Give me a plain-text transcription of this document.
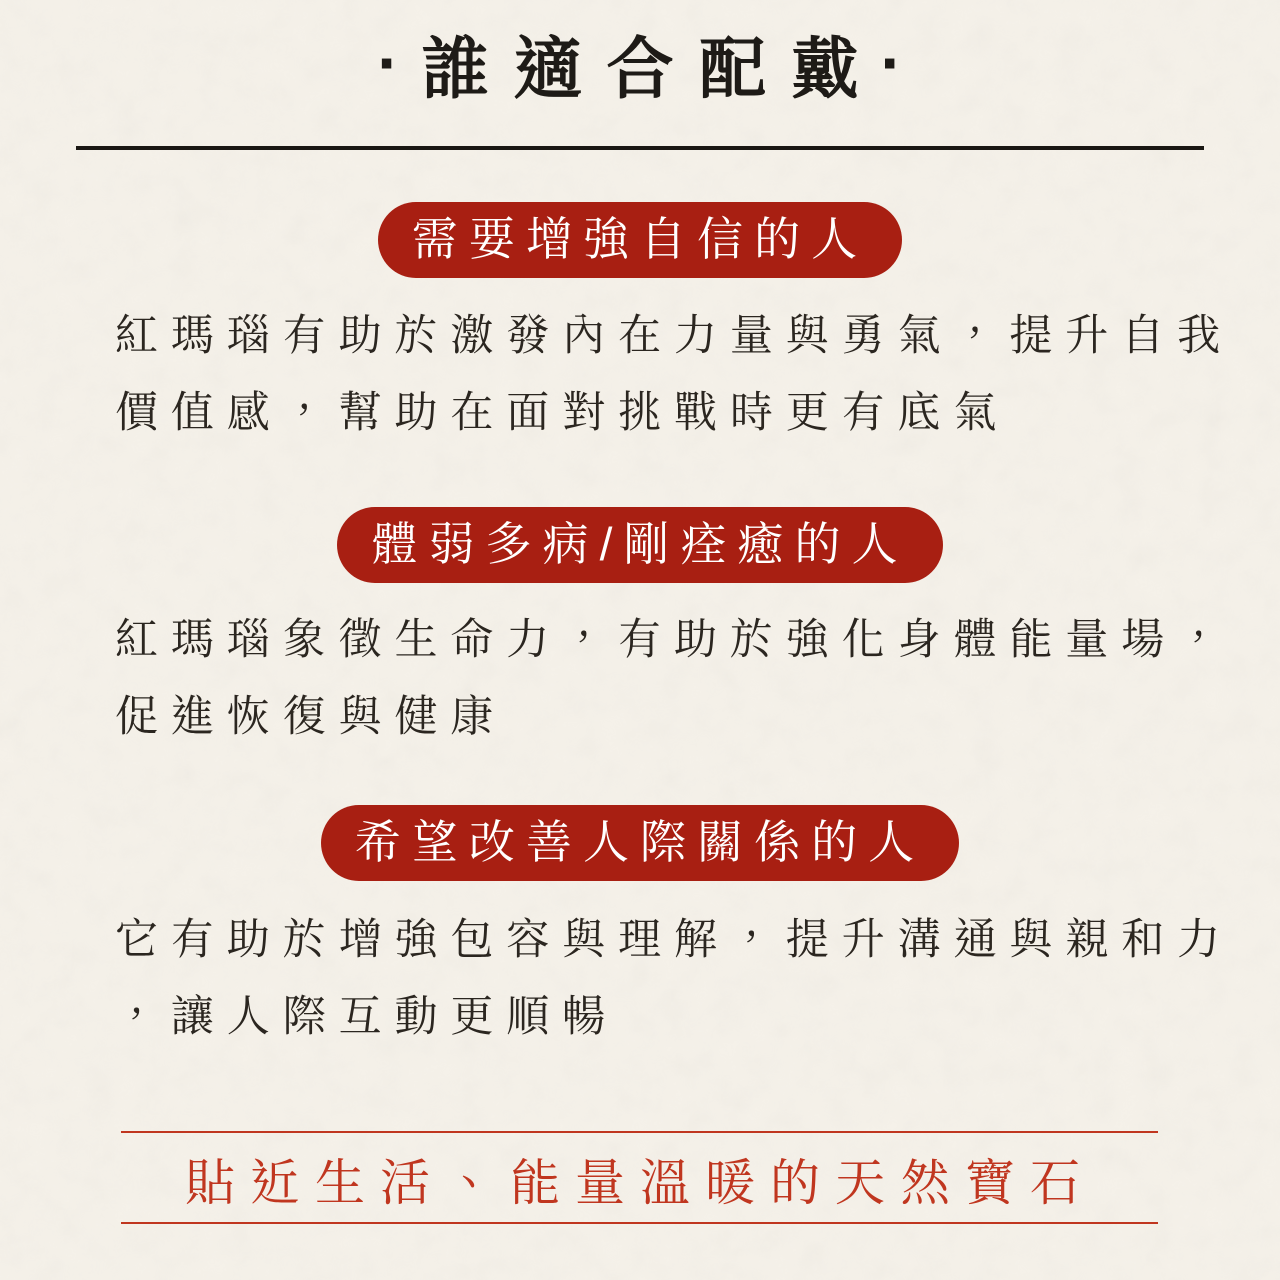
· 誰適合配戴·
需要增強自信的人
紅瑪瑙有助於激發內在力量與勇氣，提升自我
價值感，幫助在面對挑戰時更有底氣
體弱多病/剛痊癒的人
紅瑪瑙象徵生命力，有助於強化身體能量場，
促進恢復與健康
希望改善人際關係的人
它有助於增強包容與理解，提升溝通與親和力
，讓人際互動更順暢
貼近生活、能量溫暖的天然寶石
